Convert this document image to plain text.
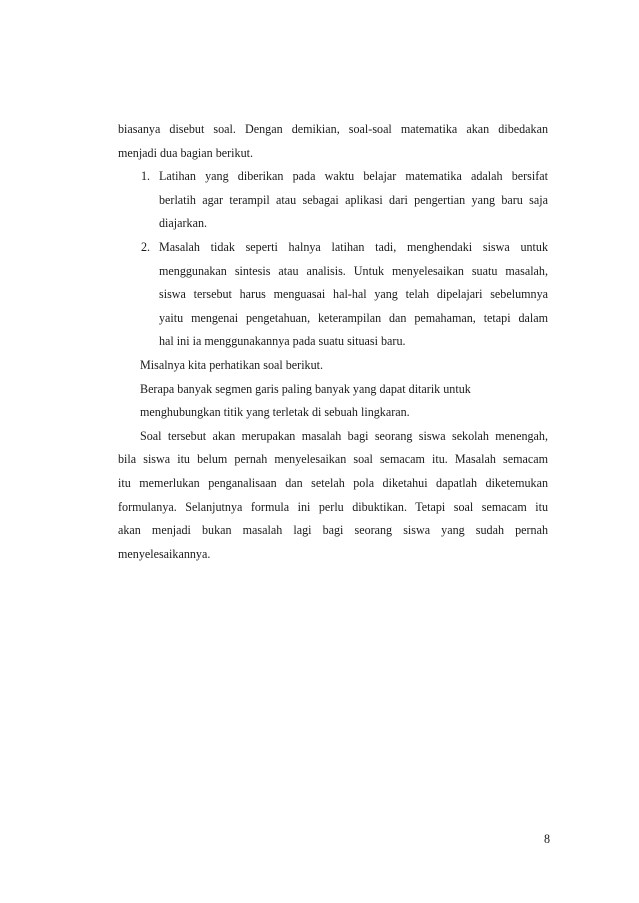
biasanya disebut soal. Dengan demikian, soal-soal matematika akan dibedakan
menjadi dua bagian berikut.
1. Latihan yang diberikan pada waktu belajar matematika adalah bersifat
berlatih agar terampil atau sebagai aplikasi dari pengertian yang baru saja
diajarkan.
2. Masalah tidak seperti halnya latihan tadi, menghendaki siswa untuk
menggunakan sintesis atau analisis. Untuk menyelesaikan suatu masalah,
siswa tersebut harus menguasai hal-hal yang telah dipelajari sebelumnya
yaitu mengenai pengetahuan, keterampilan dan pemahaman, tetapi dalam
hal ini ia menggunakannya pada suatu situasi baru.
Misalnya kita perhatikan soal berikut.
Berapa banyak segmen garis paling banyak yang dapat ditarik untuk
menghubungkan titik yang terletak di sebuah lingkaran.
Soal tersebut akan merupakan masalah bagi seorang siswa sekolah menengah,
bila siswa itu belum pernah menyelesaikan soal semacam itu. Masalah semacam
itu memerlukan penganalisaan dan setelah pola diketahui dapatlah diketemukan
formulanya. Selanjutnya formula ini perlu dibuktikan. Tetapi soal semacam itu
akan menjadi bukan masalah lagi bagi seorang siswa yang sudah pernah
menyelesaikannya.
8
